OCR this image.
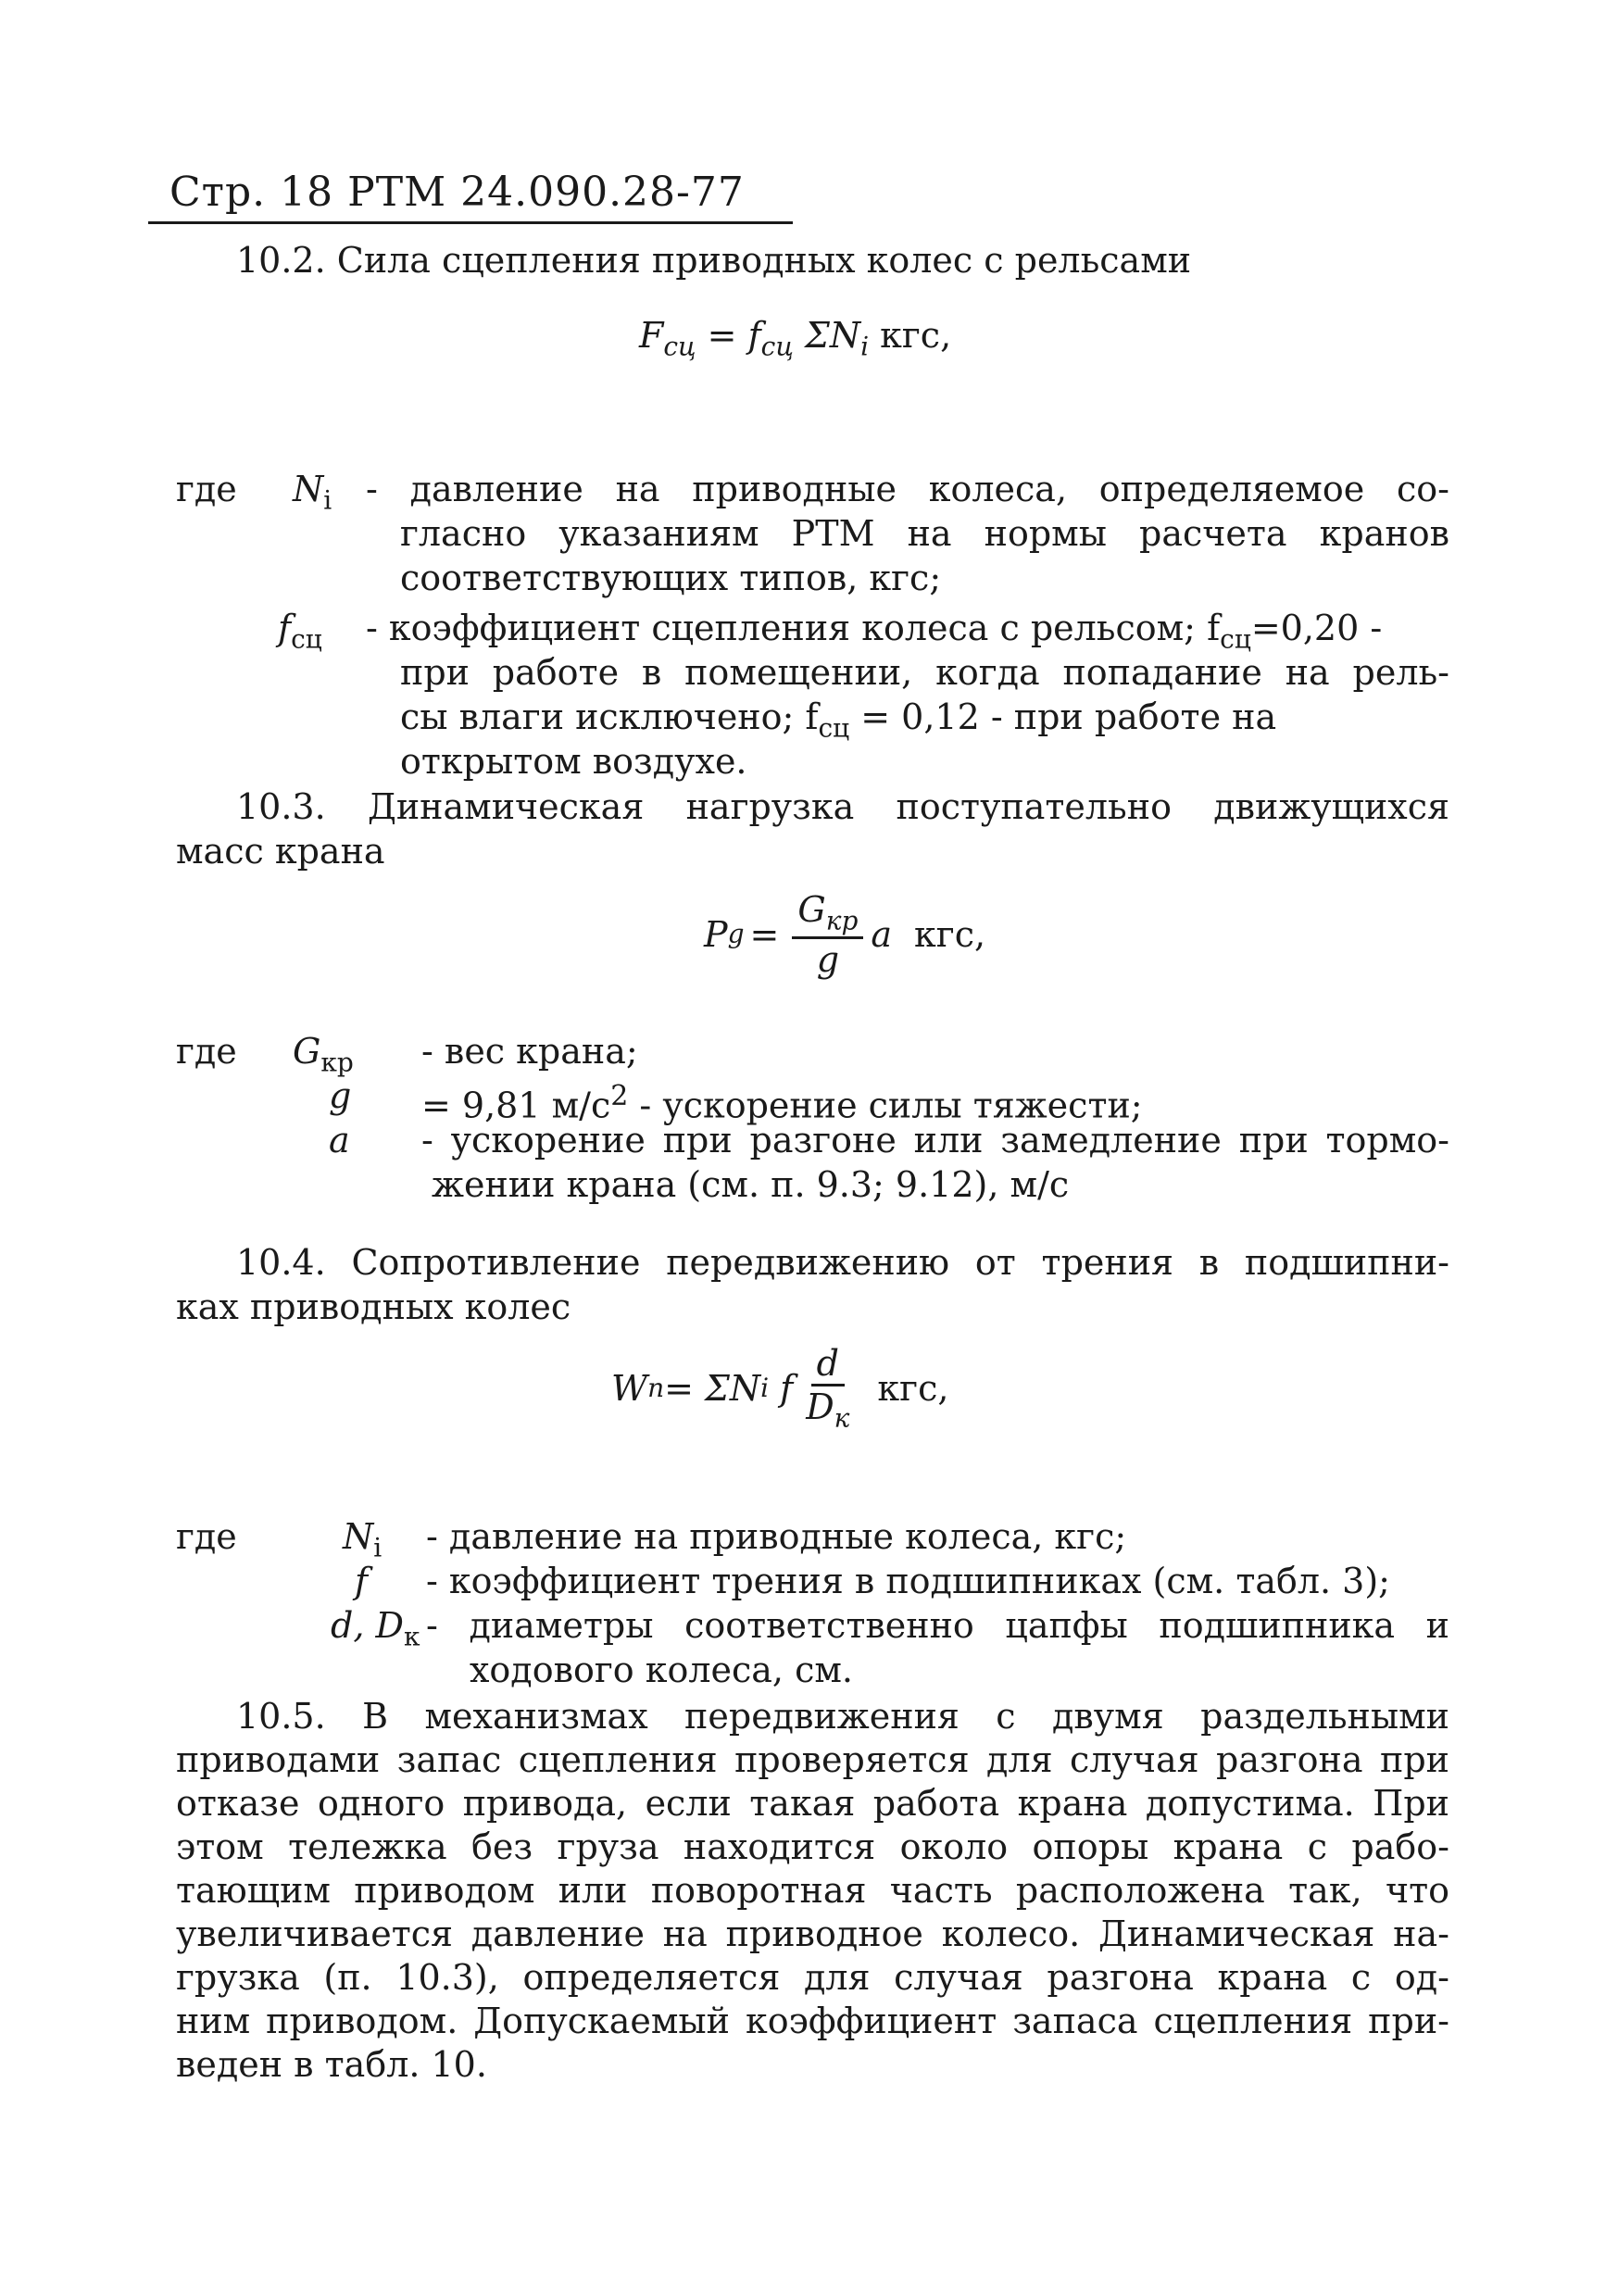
Стр. 18 РТМ 24.090.28-77
10.2. Сила сцепления приводных колес с рельсами
$F_{сц} = f_{сц}$ $\Sigma N_i$ кгс,
где $N_i$ - давление на приводные колеса, определяемое со-
гласно указаниям РТМ на нормы расчета кранов
соответствующих типов, кгс;
$f_{сц}$ - коэффициент сцепления колеса с рельсом; $f_{сц}=0,20$ -
при работе в помещении, когда попадание на рель-
сы влаги исключено; $f_{сц} = 0,12$ - при работе на
открытом воздухе.
10.3. Динамическая нагрузка поступательно движущихся
масс крана
P $g = \frac{G_{кр}}{g}$ a кгс,
где $G_{кр}$ - вес крана;
g = 9,81 $м/с^2$ - ускорение силы тяжести;
a - ускорение при разгоне или замедление при тормо-
жении крана (см. п. 9.3; 9.12), м/с
10.4. Сопротивление передвижению от трения в подшипни-
ках приводных колес
W п = ΣN i f $\frac{d}{D_к}$ кгс,
где	$N_i$ - давление на приводные колеса, кгс;
f - коэффициент трения в подшипниках (см. табл. 3);
d, $D_к$ - диаметры соответственно цапфы подшипника и
ходового колеса, см.
10.5. В механизмах передвижения с двумя раздельными
приводами запас сцепления проверяется для случая разгона при
отказе одного привода, если такая работа крана допустима. При
этом тележка без груза находится около опоры крана с рабо-
тающим приводом или поворотная часть расположена так, что
увеличивается давление на приводное колесо. Динамическая на-
грузка (п. 10.3), определяется для случая разгона крана с од-
ним приводом. Допускаемый коэффициент запаса сцепления при-
веден в табл. 10.
